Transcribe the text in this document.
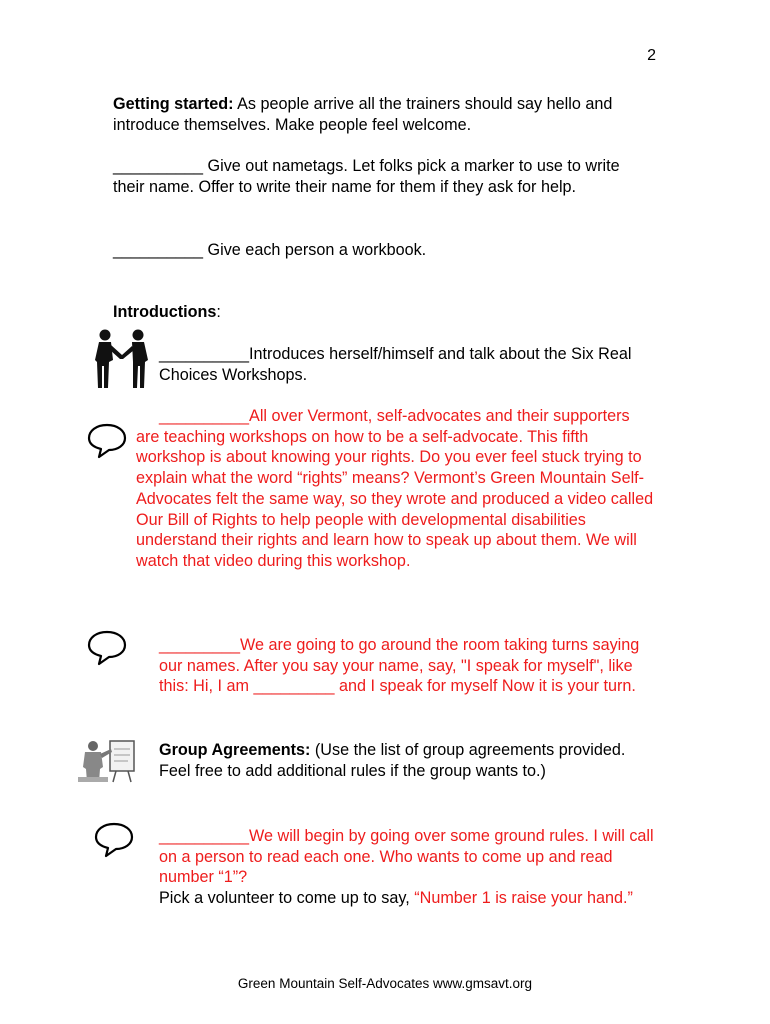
2
Getting started: As people arrive all the trainers should say hello and introduce themselves. Make people feel welcome.
__________ Give out nametags. Let folks pick a marker to use to write their name. Offer to write their name for them if they ask for help.
__________ Give each person a workbook.
Introductions:
__________Introduces herself/himself and talk about the Six Real Choices Workshops.
__________All over Vermont, self-advocates and their supporters are teaching workshops on how to be a self-advocate. This fifth workshop is about knowing your rights. Do you ever feel stuck trying to explain what the word “rights” means? Vermont’s Green Mountain Self-Advocates felt the same way, so they wrote and produced a video called Our Bill of Rights to help people with developmental disabilities understand their rights and learn how to speak up about them. We will watch that video during this workshop.
_________We are going to go around the room taking turns saying our names. After you say your name, say, "I speak for myself", like this: Hi, I am _________ and I speak for myself Now it is your turn.
Group Agreements: (Use the list of group agreements provided. Feel free to add additional rules if the group wants to.)
__________We will begin by going over some ground rules. I will call on a person to read each one. Who wants to come up and read number “1”?
Pick a volunteer to come up to say, “Number 1 is raise your hand.”
Green Mountain Self-Advocates www.gmsavt.org
